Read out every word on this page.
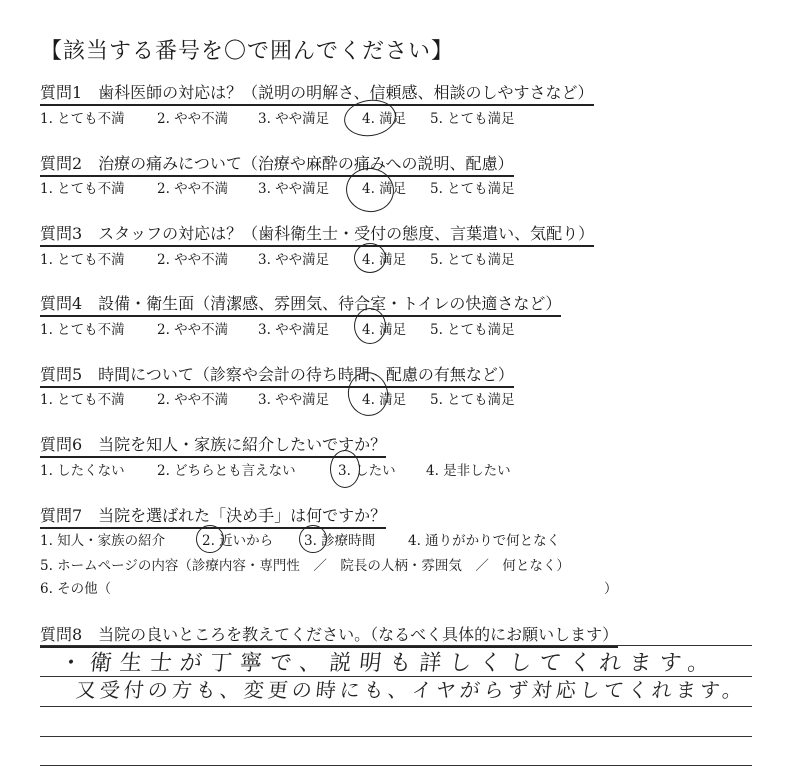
【該当する番号を〇で囲んでください】
質問1　歯科医師の対応は？（説明の明解さ、信頼感、相談のしやすさなど）
1. とても不満 2. やや不満 3. やや満足 4. 満足 5. とても満足
質問2　治療の痛みについて（治療や麻酔の痛みへの説明、配慮）
1. とても不満 2. やや不満 3. やや満足 4. 満足 5. とても満足
質問3　スタッフの対応は？（歯科衛生士・受付の態度、言葉遣い、気配り）
1. とても不満 2. やや不満 3. やや満足 4. 満足 5. とても満足
質問4　設備・衛生面（清潔感、雰囲気、待合室・トイレの快適さなど）
1. とても不満 2. やや不満 3. やや満足 4. 満足 5. とても満足
質問5　時間について（診察や会計の待ち時間、配慮の有無など）
1. とても不満 2. やや不満 3. やや満足 4. 満足 5. とても満足
質問6　当院を知人・家族に紹介したいですか？
1. したくない 2. どちらとも言えない	3. したい 4. 是非したい
質問7　当院を選ばれた「決め手」は何ですか？
1. 知人・家族の紹介	2. 近いから 3. 診療時間 4. 通りがかりで何となく
5. ホームページの内容（診療内容・専門性　／　院長の人柄・雰囲気　／　何となく）
6. その他（	）
質問8　当院の良いところを教えてください。（なるべく具体的にお願いします）
・衛生士が丁寧で、説明も詳しくしてくれます。
又受付の方も、変更の時にも、イヤがらず対応してくれます。
